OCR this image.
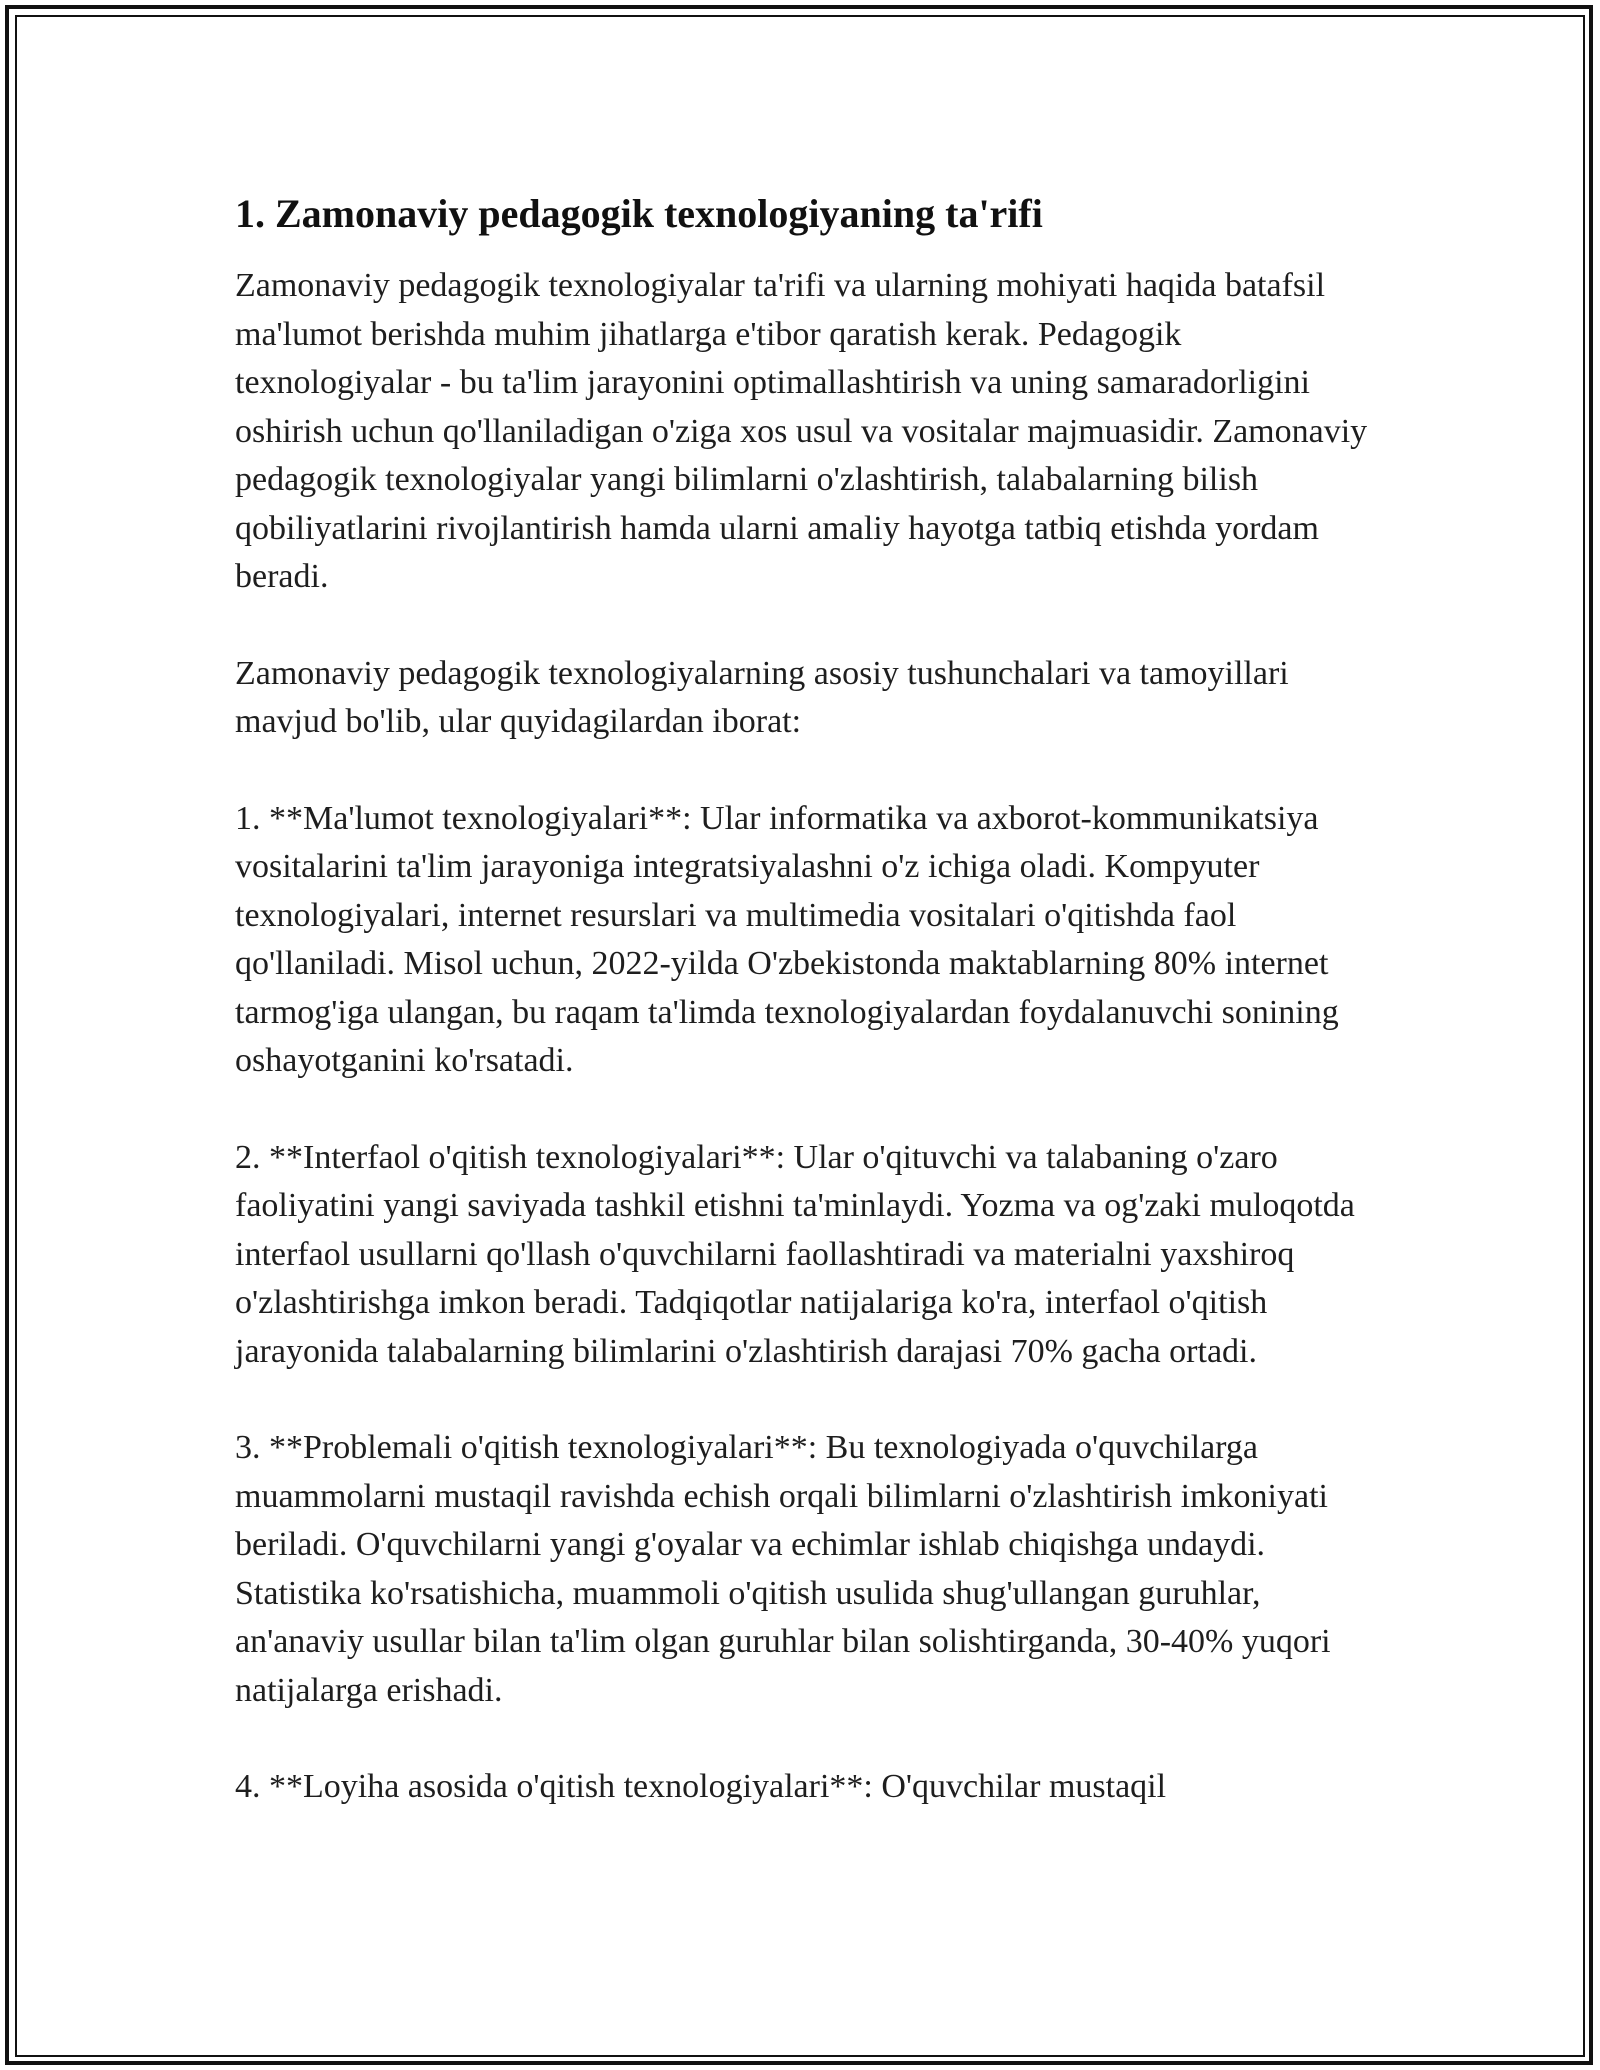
1. Zamonaviy pedagogik texnologiyaning ta'rifi

Zamonaviy pedagogik texnologiyalar ta'rifi va ularning mohiyati haqida batafsil ma'lumot berishda muhim jihatlarga e'tibor qaratish kerak. Pedagogik texnologiyalar - bu ta'lim jarayonini optimallashtirish va uning samaradorligini oshirish uchun qo'llaniladigan o'ziga xos usul va vositalar majmuasidir. Zamonaviy pedagogik texnologiyalar yangi bilimlarni o'zlashtirish, talabalarning bilish qobiliyatlarini rivojlantirish hamda ularni amaliy hayotga tatbiq etishda yordam beradi.

Zamonaviy pedagogik texnologiyalarning asosiy tushunchalari va tamoyillari mavjud bo'lib, ular quyidagilardan iborat:

1. **Ma'lumot texnologiyalari**: Ular informatika va axborot-kommunikatsiya vositalarini ta'lim jarayoniga integratsiyalashni o'z ichiga oladi. Kompyuter texnologiyalari, internet resurslari va multimedia vositalari o'qitishda faol qo'llaniladi. Misol uchun, 2022-yilda O'zbekistonda maktablarning 80% internet tarmog'iga ulangan, bu raqam ta'limda texnologiyalardan foydalanuvchi sonining oshayotganini ko'rsatadi.

2. **Interfaol o'qitish texnologiyalari**: Ular o'qituvchi va talabaning o'zaro faoliyatini yangi saviyada tashkil etishni ta'minlaydi. Yozma va og'zaki muloqotda interfaol usullarni qo'llash o'quvchilarni faollashtiradi va materialni yaxshiroq o'zlashtirishga imkon beradi. Tadqiqotlar natijalariga ko'ra, interfaol o'qitish jarayonida talabalarning bilimlarini o'zlashtirish darajasi 70% gacha ortadi.

3. **Problemali o'qitish texnologiyalari**: Bu texnologiyada o'quvchilarga muammolarni mustaqil ravishda echish orqali bilimlarni o'zlashtirish imkoniyati beriladi. O'quvchilarni yangi g'oyalar va echimlar ishlab chiqishga undaydi. Statistika ko'rsatishicha, muammoli o'qitish usulida shug'ullangan guruhlar, an'anaviy usullar bilan ta'lim olgan guruhlar bilan solishtirganda, 30-40% yuqori natijalarga erishadi.

4. **Loyiha asosida o'qitish texnologiyalari**: O'quvchilar mustaqil
